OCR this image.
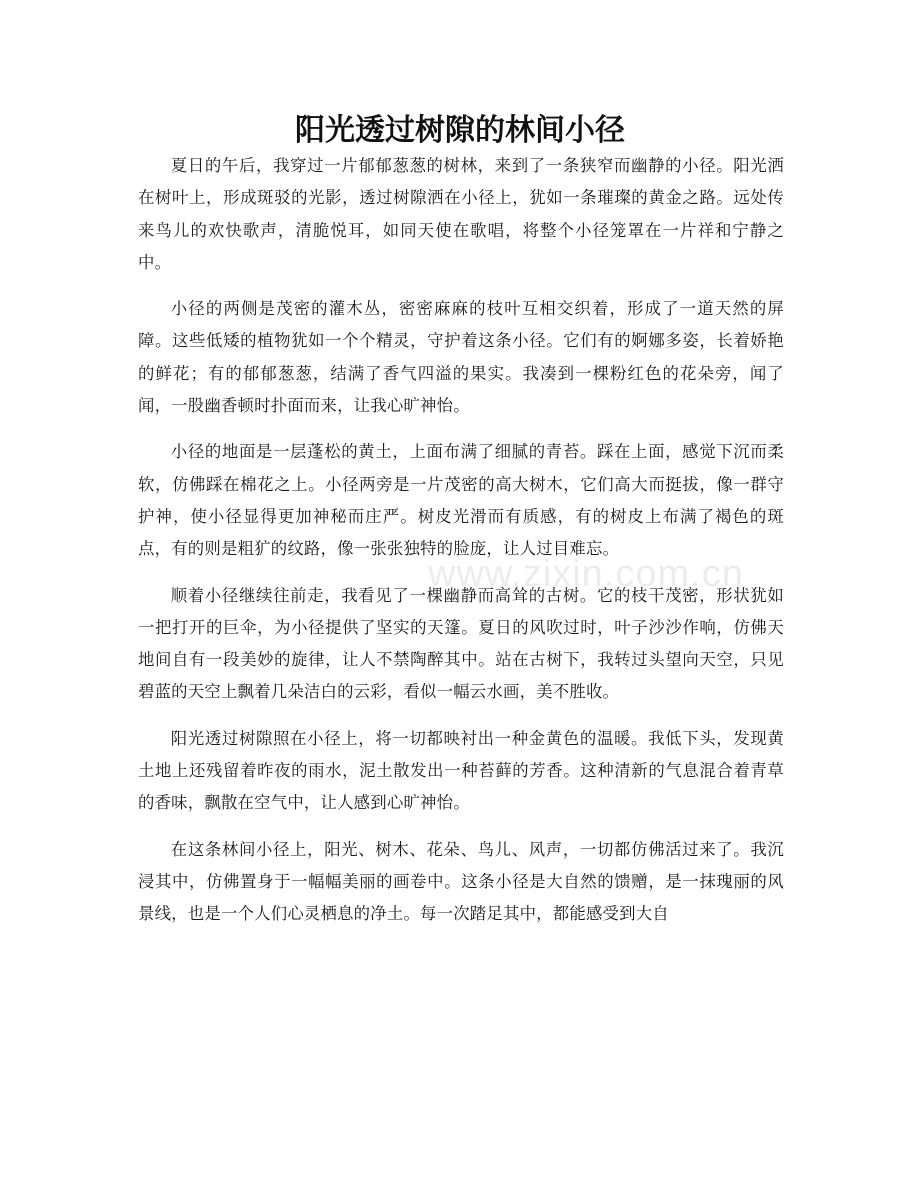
www.zixin.com.cn
阳光透过树隙的林间小径

夏日的午后，我穿过一片郁郁葱葱的树林，来到了一条狭窄而幽静的小径。阳光洒在树叶上，形成斑驳的光影，透过树隙洒在小径上，犹如一条璀璨的黄金之路。远处传来鸟儿的欢快歌声，清脆悦耳，如同天使在歌唱，将整个小径笼罩在一片祥和宁静之中。

小径的两侧是茂密的灌木丛，密密麻麻的枝叶互相交织着，形成了一道天然的屏障。这些低矮的植物犹如一个个精灵，守护着这条小径。它们有的婀娜多姿，长着娇艳的鲜花；有的郁郁葱葱，结满了香气四溢的果实。我凑到一棵粉红色的花朵旁，闻了闻，一股幽香顿时扑面而来，让我心旷神怡。

小径的地面是一层蓬松的黄土，上面布满了细腻的青苔。踩在上面，感觉下沉而柔软，仿佛踩在棉花之上。小径两旁是一片茂密的高大树木，它们高大而挺拔，像一群守护神，使小径显得更加神秘而庄严。树皮光滑而有质感，有的树皮上布满了褐色的斑点，有的则是粗犷的纹路，像一张张独特的脸庞，让人过目难忘。

顺着小径继续往前走，我看见了一棵幽静而高耸的古树。它的枝干茂密，形状犹如一把打开的巨伞，为小径提供了坚实的天篷。夏日的风吹过时，叶子沙沙作响，仿佛天地间自有一段美妙的旋律，让人不禁陶醉其中。站在古树下，我转过头望向天空，只见碧蓝的天空上飘着几朵洁白的云彩，看似一幅云水画，美不胜收。

阳光透过树隙照在小径上，将一切都映衬出一种金黄色的温暖。我低下头，发现黄土地上还残留着昨夜的雨水，泥土散发出一种苔藓的芳香。这种清新的气息混合着青草的香味，飘散在空气中，让人感到心旷神怡。

在这条林间小径上，阳光、树木、花朵、鸟儿、风声，一切都仿佛活过来了。我沉浸其中，仿佛置身于一幅幅美丽的画卷中。这条小径是大自然的馈赠，是一抹瑰丽的风景线，也是一个人们心灵栖息的净土。每一次踏足其中，都能感受到大自
